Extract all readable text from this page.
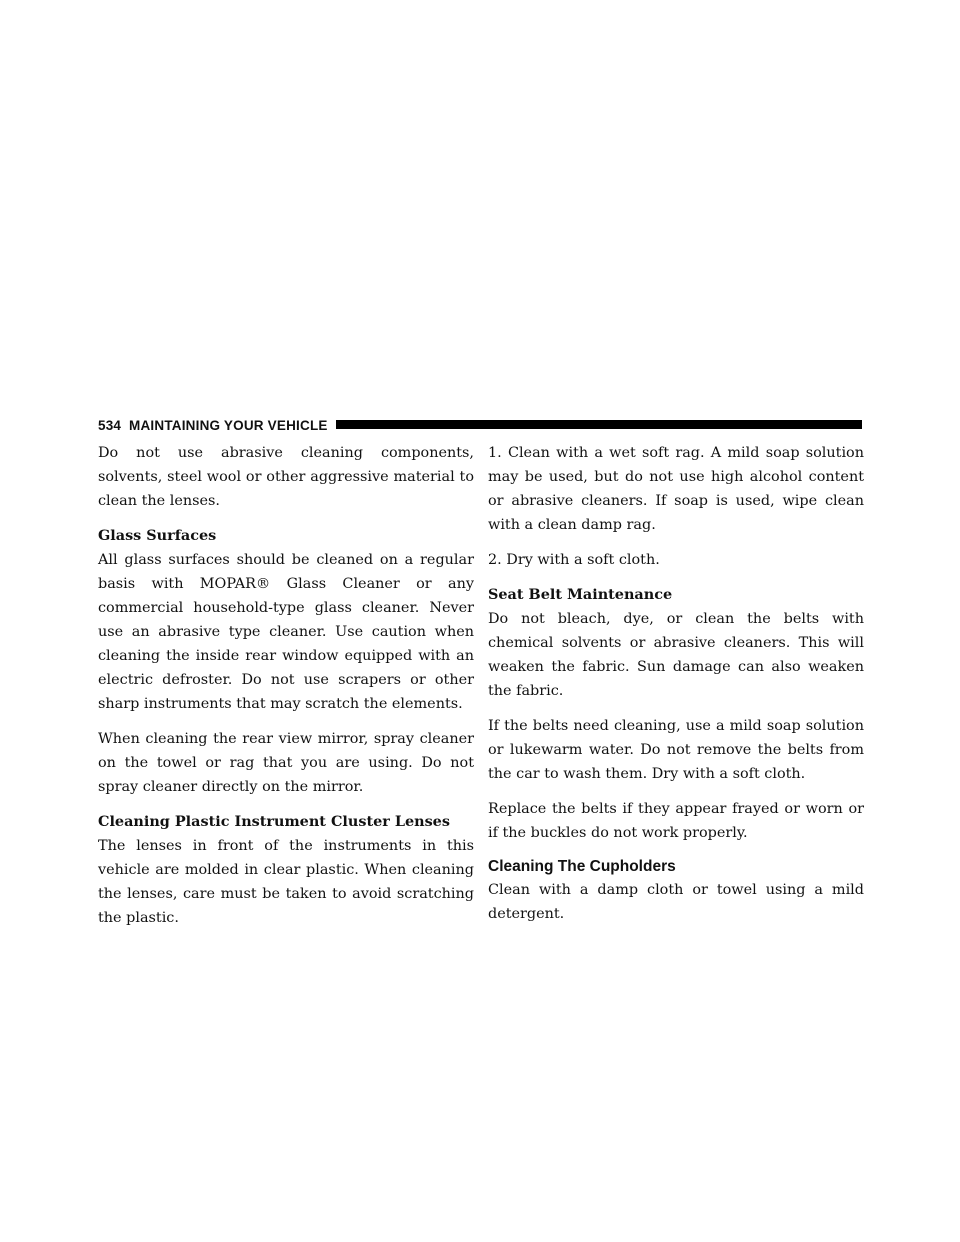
534 MAINTAINING YOUR VEHICLE

Do not use abrasive cleaning components, solvents, steel wool or other aggressive material to clean the lenses.

Glass Surfaces

All glass surfaces should be cleaned on a regular basis with MOPAR® Glass Cleaner or any commercial household-type glass cleaner. Never use an abrasive type cleaner. Use caution when cleaning the inside rear window equipped with an electric defroster. Do not use scrapers or other sharp instruments that may scratch the elements.

When cleaning the rear view mirror, spray cleaner on the towel or rag that you are using. Do not spray cleaner directly on the mirror.

Cleaning Plastic Instrument Cluster Lenses

The lenses in front of the instruments in this vehicle are molded in clear plastic. When cleaning the lenses, care must be taken to avoid scratching the plastic.

1. Clean with a wet soft rag. A mild soap solution may be used, but do not use high alcohol content or abrasive cleaners. If soap is used, wipe clean with a clean damp rag.

2. Dry with a soft cloth.

Seat Belt Maintenance

Do not bleach, dye, or clean the belts with chemical solvents or abrasive cleaners. This will weaken the fabric. Sun damage can also weaken the fabric.

If the belts need cleaning, use a mild soap solution or lukewarm water. Do not remove the belts from the car to wash them. Dry with a soft cloth.

Replace the belts if they appear frayed or worn or if the buckles do not work properly.

Cleaning The Cupholders

Clean with a damp cloth or towel using a mild detergent.
